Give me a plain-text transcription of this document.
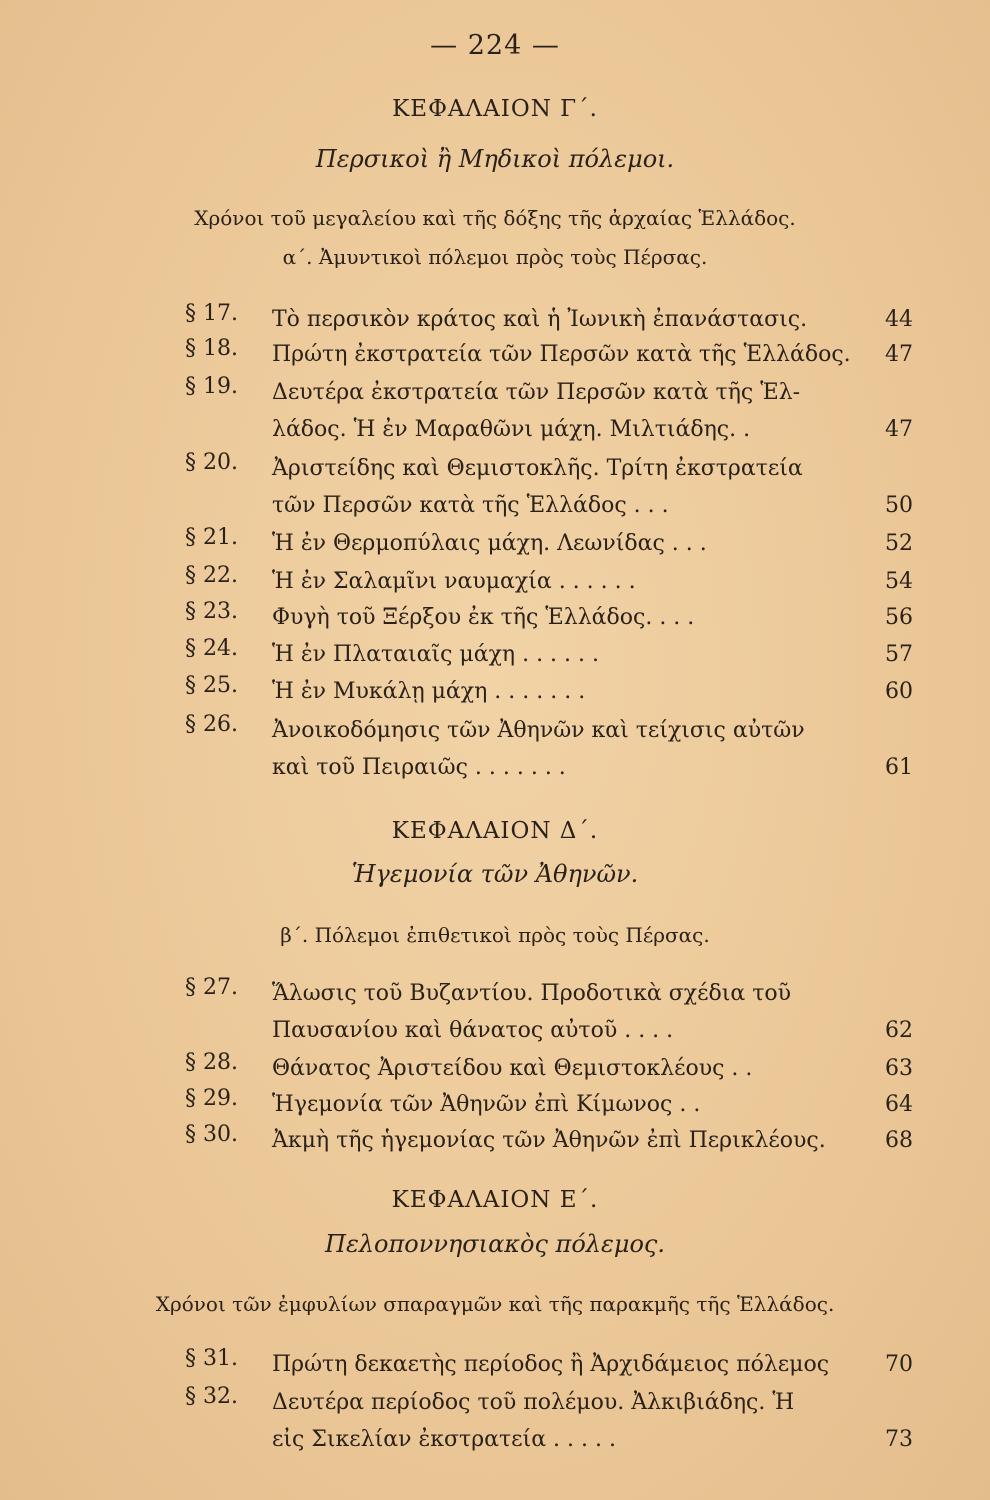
— 224 —
ΚΕΦΑΛΑΙΟΝ Γ΄.
Περσικοὶ ἢ Μηδικοὶ πόλεμοι.
Χρόνοι τοῦ μεγαλείου καὶ τῆς δόξης τῆς ἀρχαίας Ἑλλάδος.
α΄. Ἀμυντικοὶ πόλεμοι πρὸς τοὺς Πέρσας.
§ 17.	Τὸ περσικὸν κράτος καὶ ἡ Ἰωνικὴ ἐπανάστασις.	44
§ 18.	Πρώτη ἐκστρατεία τῶν Περσῶν κατὰ τῆς Ἑλλάδος. 47
§ 19.	Δευτέρα ἐκστρατεία τῶν Περσῶν κατὰ τῆς Ἑλ-
λάδος. Ἡ ἐν Μαραθῶνι μάχη. Μιλτιάδης. .	47
§ 20.	Ἀριστείδης καὶ Θεμιστοκλῆς. Τρίτη ἐκστρατεία
τῶν Περσῶν κατὰ τῆς Ἑλλάδος . . .	50
§ 21.	Ἡ ἐν Θερμοπύλαις μάχη. Λεωνίδας . . .	52
§ 22.	Ἡ ἐν Σαλαμῖνι ναυμαχία . . . . . .	54
§ 23.	Φυγὴ τοῦ Ξέρξου ἐκ τῆς Ἑλλάδος. . . .	56
§ 24.	Ἡ ἐν Πλαταιαῖς μάχη . . . . . .	57
§ 25.	Ἡ ἐν Μυκάλῃ μάχη . . . . . . .	60
§ 26.	Ἀνοικοδόμησις τῶν Ἀθηνῶν καὶ τείχισις αὐτῶν
καὶ τοῦ Πειραιῶς . . . . . . .	61
ΚΕΦΑΛΑΙΟΝ Δ΄.
Ἡγεμονία τῶν Ἀθηνῶν.
β΄. Πόλεμοι ἐπιθετικοὶ πρὸς τοὺς Πέρσας.
§ 27.	Ἅλωσις τοῦ Βυζαντίου. Προδοτικὰ σχέδια τοῦ
Παυσανίου καὶ θάνατος αὐτοῦ . . . .	62
§ 28.	Θάνατος Ἀριστείδου καὶ Θεμιστοκλέους . .	63
§ 29.	Ἡγεμονία τῶν Ἀθηνῶν ἐπὶ Κίμωνος . .	64
§ 30.	Ἀκμὴ τῆς ἡγεμονίας τῶν Ἀθηνῶν ἐπὶ Περικλέους.	68
ΚΕΦΑΛΑΙΟΝ Ε΄.
Πελοποννησιακὸς πόλεμος.
Χρόνοι τῶν ἐμφυλίων σπαραγμῶν καὶ τῆς παρακμῆς τῆς Ἑλλάδος.
§ 31.	Πρώτη δεκαετὴς περίοδος ἢ Ἀρχιδάμειος πόλεμος	70
§ 32.	Δευτέρα περίοδος τοῦ πολέμου. Ἀλκιβιάδης. Ἡ
εἰς Σικελίαν ἐκστρατεία . . . . .	73
